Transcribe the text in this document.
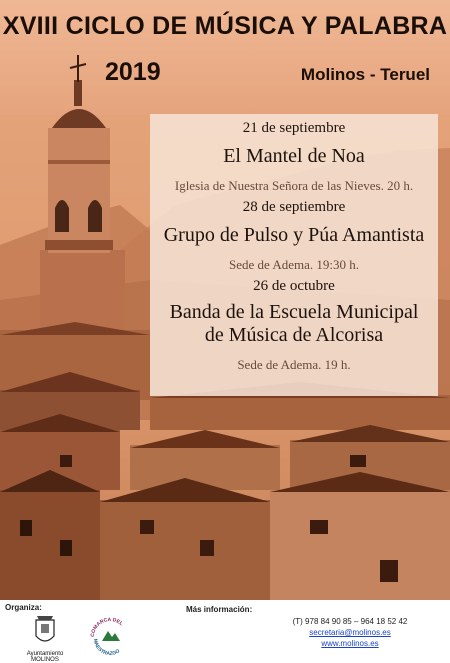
XVIII CICLO DE MÚSICA Y PALABRA
2019	Molinos - Teruel
21 de septiembre
El Mantel de Noa
Iglesia de Nuestra Señora de las Nieves. 20 h.
28 de septiembre
Grupo de Pulso y Púa Amantista
Sede de Adema. 19:30 h.
26 de octubre
Banda de la Escuela Municipal
de Música de Alcorisa
Sede de Adema. 19 h.
Organiza:
Ayuntamiento
MOLINOS
COMARCA DEL
MAESTRAZGO
Más información:
(T) 978 84 90 85 – 964 18 52 42
secretaria@molinos.es
www.molinos.es
